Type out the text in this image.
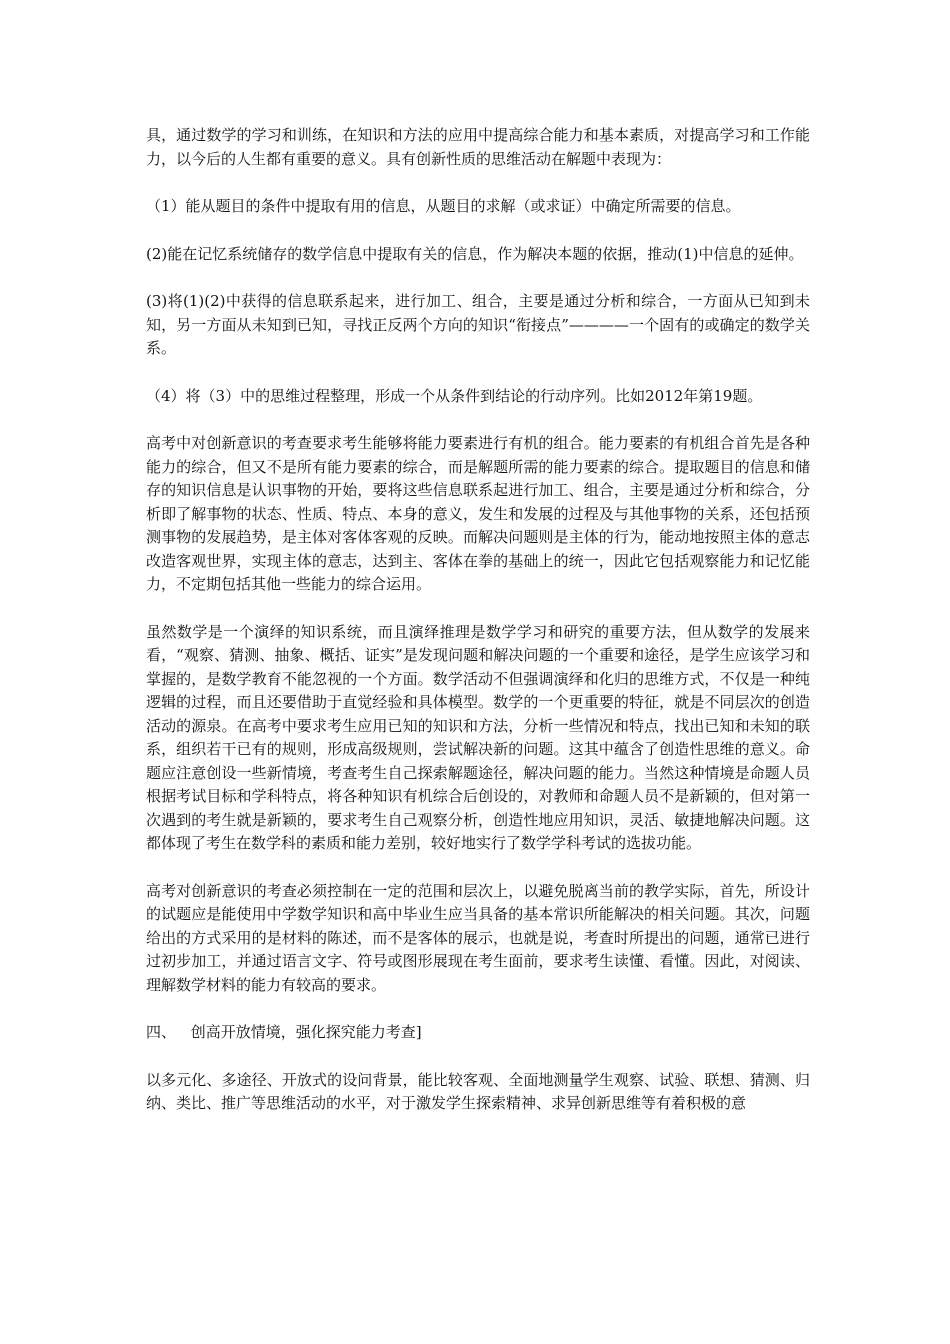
具，通过数学的学习和训练，在知识和方法的应用中提高综合能力和基本素质，对提高学习和工作能力，以今后的人生都有重要的意义。具有创新性质的思维活动在解题中表现为：

（1）能从题目的条件中提取有用的信息，从题目的求解（或求证）中确定所需要的信息。

(2)能在记忆系统储存的数学信息中提取有关的信息，作为解决本题的依据，推动(1)中信息的延伸。

(3)将(1)(2)中获得的信息联系起来，进行加工、组合，主要是通过分析和综合，一方面从已知到未知，另一方面从未知到已知，寻找正反两个方向的知识“衔接点”————一个固有的或确定的数学关系。

（4）将（3）中的思维过程整理，形成一个从条件到结论的行动序列。比如2012年第19题。

高考中对创新意识的考查要求考生能够将能力要素进行有机的组合。能力要素的有机组合首先是各种能力的综合，但又不是所有能力要素的综合，而是解题所需的能力要素的综合。提取题目的信息和储存的知识信息是认识事物的开始，要将这些信息联系起进行加工、组合，主要是通过分析和综合，分析即了解事物的状态、性质、特点、本身的意义，发生和发展的过程及与其他事物的关系，还包括预测事物的发展趋势，是主体对客体客观的反映。而解决问题则是主体的行为，能动地按照主体的意志改造客观世界，实现主体的意志，达到主、客体在拳的基础上的统一，因此它包括观察能力和记忆能力，不定期包括其他一些能力的综合运用。

虽然数学是一个演绎的知识系统，而且演绎推理是数学学习和研究的重要方法，但从数学的发展来看，“观察、猜测、抽象、概括、证实”是发现问题和解决问题的一个重要和途径，是学生应该学习和掌握的，是数学教育不能忽视的一个方面。数学活动不但强调演绎和化归的思维方式，不仅是一种纯逻辑的过程，而且还要借助于直觉经验和具体模型。数学的一个更重要的特征，就是不同层次的创造活动的源泉。在高考中要求考生应用已知的知识和方法，分析一些情况和特点，找出已知和未知的联系，组织若干已有的规则，形成高级规则，尝试解决新的问题。这其中蕴含了创造性思维的意义。命题应注意创设一些新情境，考查考生自己探索解题途径，解决问题的能力。当然这种情境是命题人员根据考试目标和学科特点，将各种知识有机综合后创设的，对教师和命题人员不是新颖的，但对第一次遇到的考生就是新颖的，要求考生自己观察分析，创造性地应用知识，灵活、敏捷地解决问题。这都体现了考生在数学科的素质和能力差别，较好地实行了数学学科考试的选拔功能。

高考对创新意识的考查必须控制在一定的范围和层次上，以避免脱离当前的教学实际，首先，所设计的试题应是能使用中学数学知识和高中毕业生应当具备的基本常识所能解决的相关问题。其次，问题给出的方式采用的是材料的陈述，而不是客体的展示，也就是说，考查时所提出的问题，通常已进行过初步加工，并通过语言文字、符号或图形展现在考生面前，要求考生读懂、看懂。因此，对阅读、理解数学材料的能力有较高的要求。

四、 创高开放情境，强化探究能力考查]

以多元化、多途径、开放式的设问背景，能比较客观、全面地测量学生观察、试验、联想、猜测、归纳、类比、推广等思维活动的水平，对于激发学生探索精神、求异创新思维等有着积极的意
